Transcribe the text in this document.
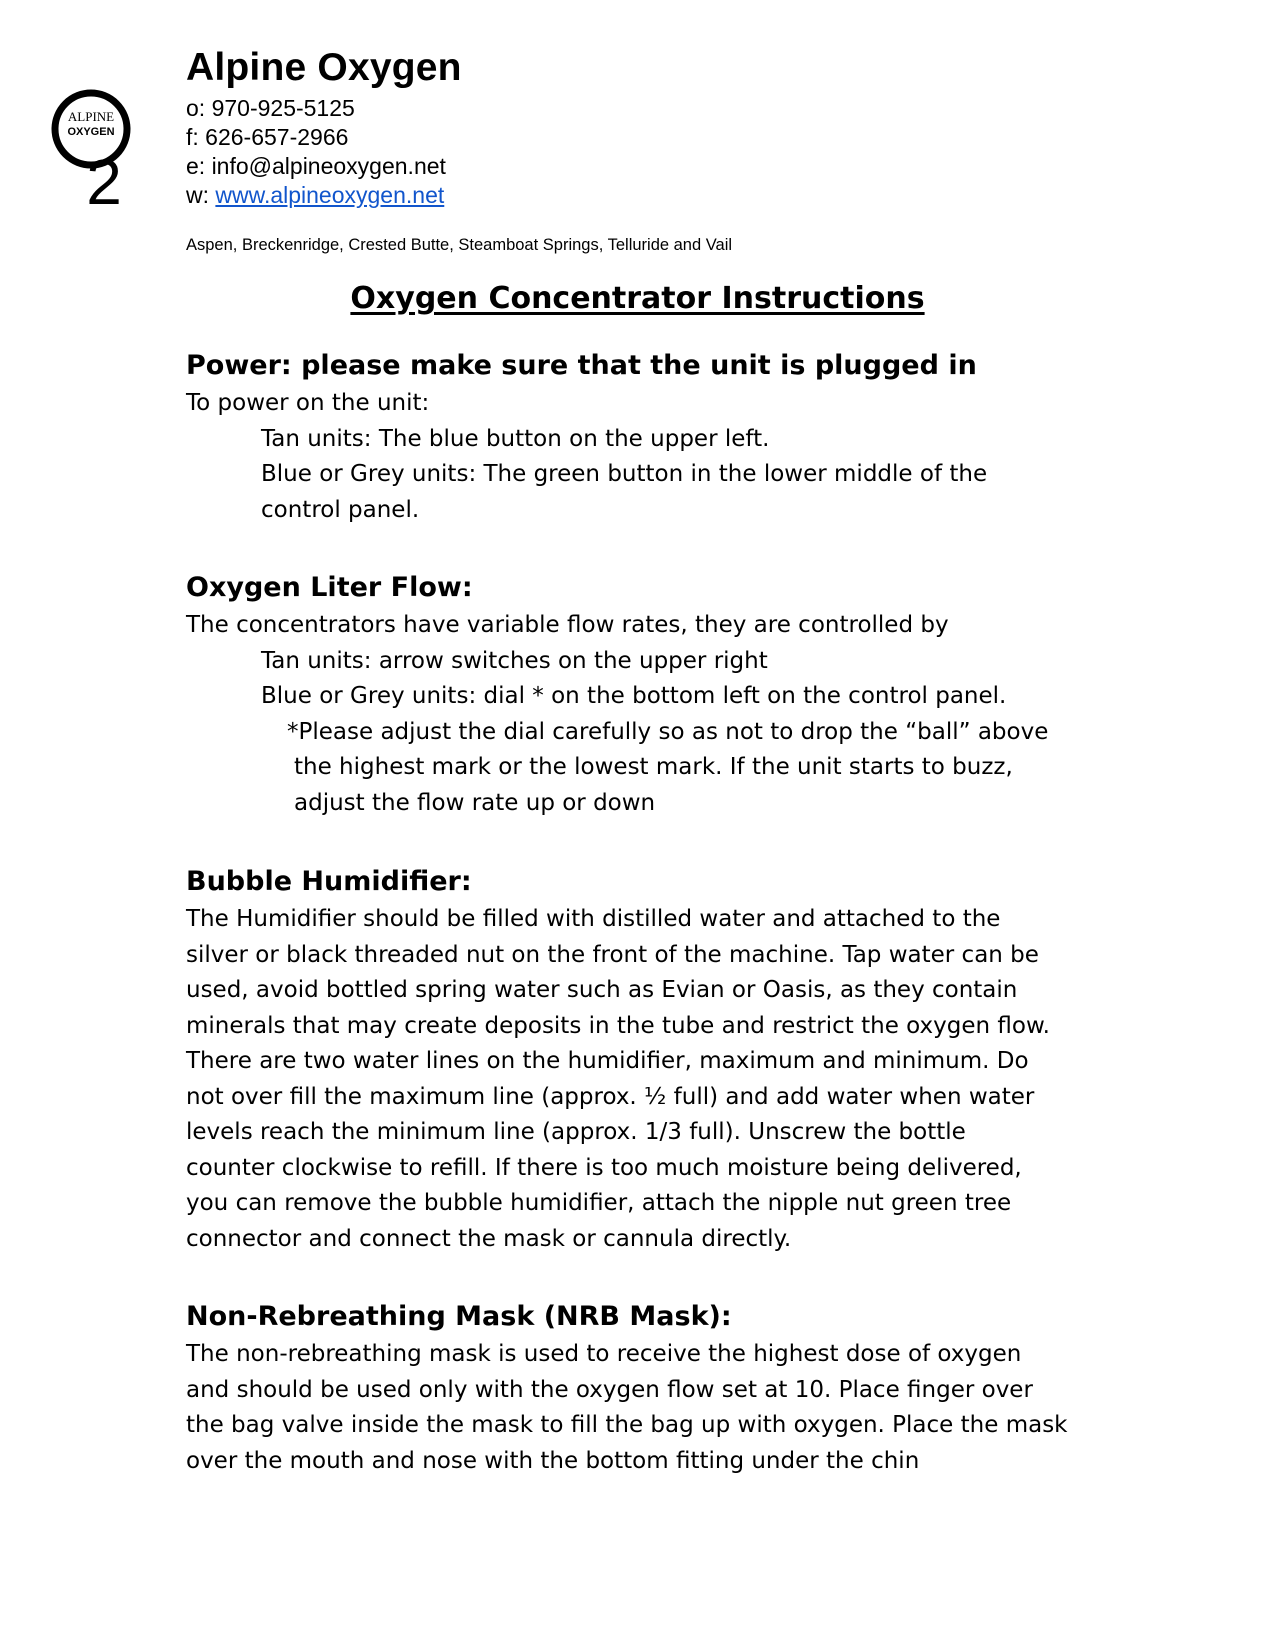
ALPINE
OXYGEN
2
Alpine Oxygen
o: 970-925-5125
f: 626-657-2966
e: info@alpineoxygen.net
w: www.alpineoxygen.net
Aspen, Breckenridge, Crested Butte, Steamboat Springs, Telluride and Vail
Oxygen Concentrator Instructions
Power: please make sure that the unit is plugged in

To power on the unit:

Tan units: The blue button on the upper left.

Blue or Grey units: The green button in the lower middle of the

control panel.

Oxygen Liter Flow:

The concentrators have variable flow rates, they are controlled by

Tan units: arrow switches on the upper right

Blue or Grey units: dial * on the bottom left on the control panel.

*Please adjust the dial carefully so as not to drop the “ball” above

the highest mark or the lowest mark. If the unit starts to buzz,

adjust the flow rate up or down

Bubble Humidifier:

The Humidifier should be filled with distilled water and attached to the

silver or black threaded nut on the front of the machine. Tap water can be

used, avoid bottled spring water such as Evian or Oasis, as they contain

minerals that may create deposits in the tube and restrict the oxygen flow.

There are two water lines on the humidifier, maximum and minimum. Do

not over fill the maximum line (approx. ½ full) and add water when water

levels reach the minimum line (approx. 1/3 full). Unscrew the bottle

counter clockwise to refill. If there is too much moisture being delivered,

you can remove the bubble humidifier, attach the nipple nut green tree

connector and connect the mask or cannula directly.

Non-Rebreathing Mask (NRB Mask):

The non-rebreathing mask is used to receive the highest dose of oxygen

and should be used only with the oxygen flow set at 10. Place finger over

the bag valve inside the mask to fill the bag up with oxygen. Place the mask

over the mouth and nose with the bottom fitting under the chin
